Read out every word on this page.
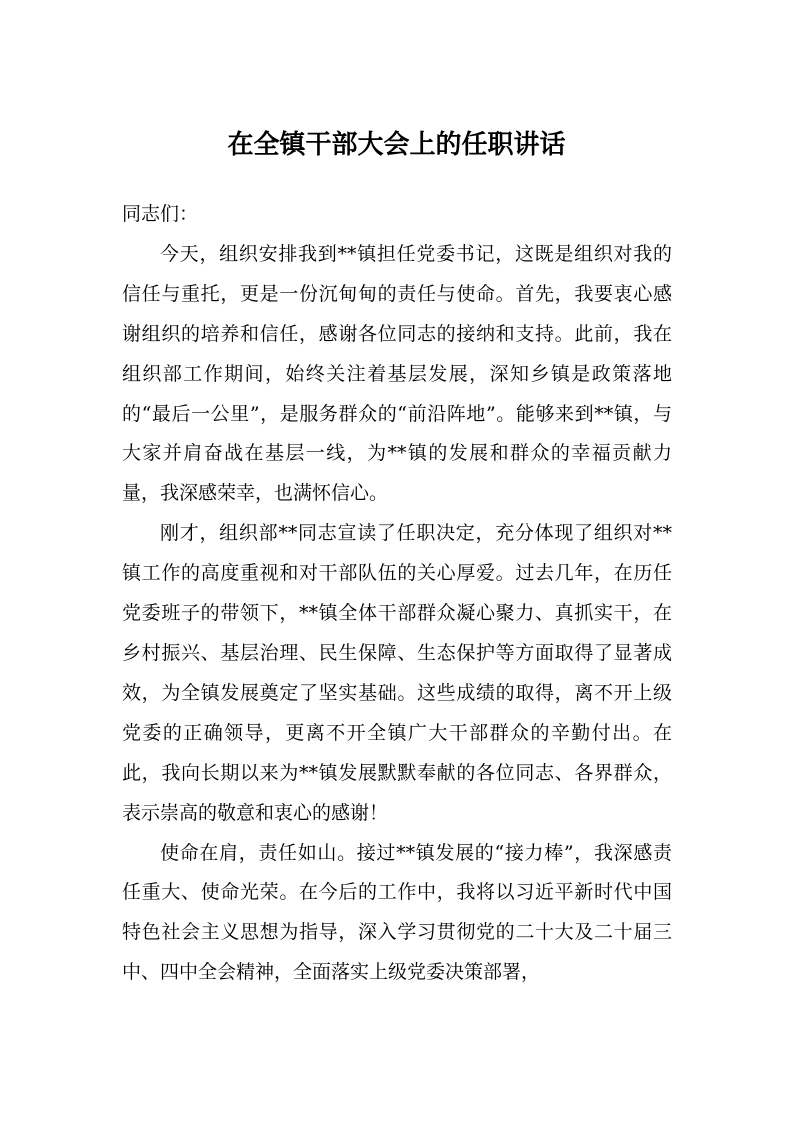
在全镇干部大会上的任职讲话

同志们：

今天，组织安排我到**镇担任党委书记，这既是组织对我的信任与重托，更是一份沉甸甸的责任与使命。首先，我要衷心感谢组织的培养和信任，感谢各位同志的接纳和支持。此前，我在组织部工作期间，始终关注着基层发展，深知乡镇是政策落地的“最后一公里”，是服务群众的“前沿阵地”。能够来到**镇，与大家并肩奋战在基层一线，为**镇的发展和群众的幸福贡献力量，我深感荣幸，也满怀信心。

刚才，组织部**同志宣读了任职决定，充分体现了组织对**镇工作的高度重视和对干部队伍的关心厚爱。过去几年，在历任党委班子的带领下，**镇全体干部群众凝心聚力、真抓实干，在乡村振兴、基层治理、民生保障、生态保护等方面取得了显著成效，为全镇发展奠定了坚实基础。这些成绩的取得，离不开上级党委的正确领导，更离不开全镇广大干部群众的辛勤付出。在此，我向长期以来为**镇发展默默奉献的各位同志、各界群众，表示崇高的敬意和衷心的感谢！

使命在肩，责任如山。接过**镇发展的“接力棒”，我深感责任重大、使命光荣。在今后的工作中，我将以习近平新时代中国特色社会主义思想为指导，深入学习贯彻党的二十大及二十届三中、四中全会精神，全面落实上级党委决策部署，
